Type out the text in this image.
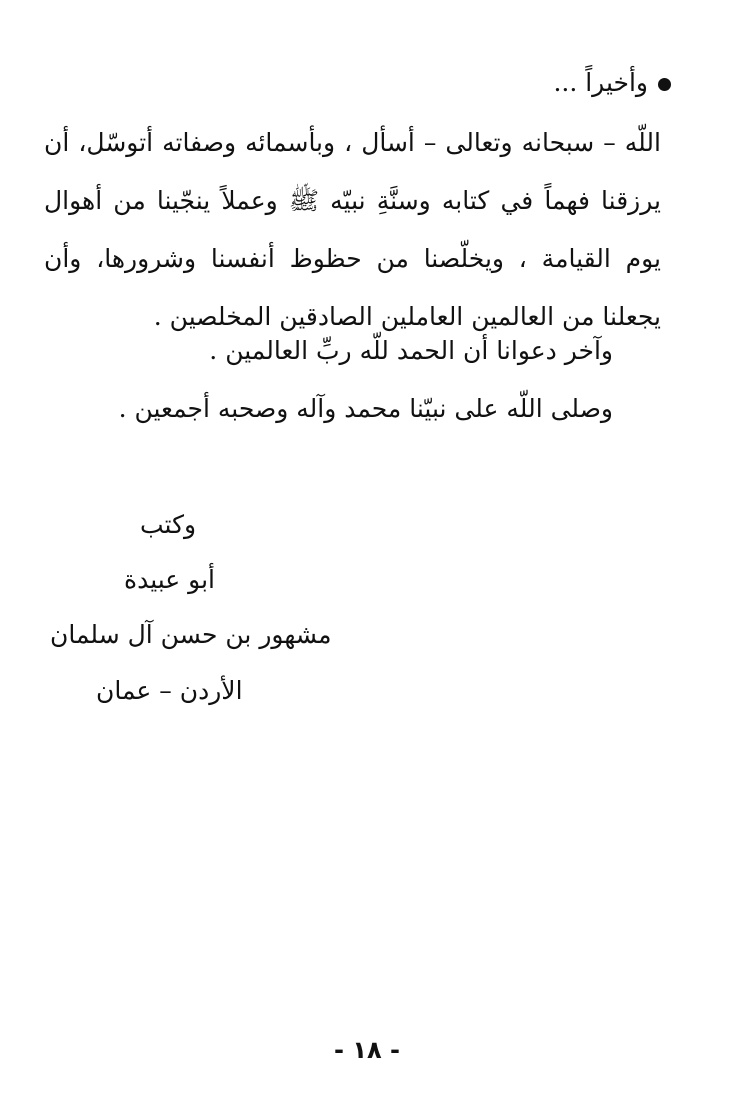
وأخيراً ...
اللّه – سبحانه وتعالى – أسأل ، وبأسمائه وصفاته أتوسّل، أن
يرزقنا فهماً في كتابه وسنَّةِ نبيّه ﷺ وعملاً ينجّينا من أهوال
يوم القيامة ، ويخلّصنا من حظوظ أنفسنا وشرورها، وأن
يجعلنا من العالمين العاملين الصادقين المخلصين .
وآخر دعوانا أن الحمد للّه ربِّ العالمين .
وصلى اللّه على نبيّنا محمد وآله وصحبه أجمعين .
وكتب
أبو عبيدة
مشهور بن حسن آل سلمان
الأردن – عمان
- ١٨ -
